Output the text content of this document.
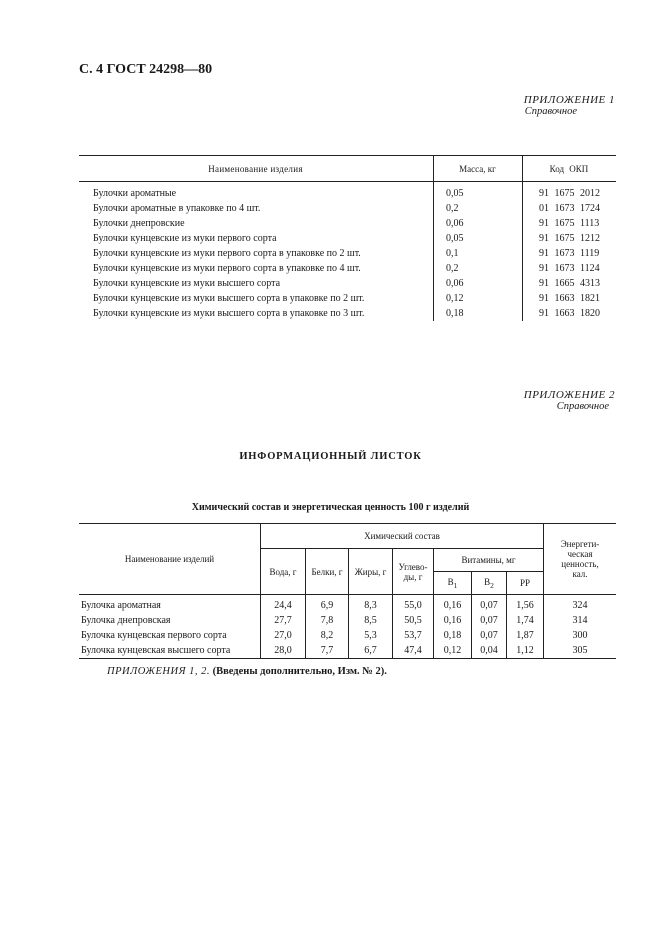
С. 4 ГОСТ 24298—80
ПРИЛОЖЕНИЕ 1
Справочное
Наименование изделия	Масса, кг	Код ОКП
Булочки ароматные	0,05	91 1675 2012
Булочки ароматные в упаковке по 4 шт.	0,2	01 1673 1724
Булочки днепровские	0,06	91 1675 1113
Булочки кунцевские из муки первого сорта	0,05	91 1675 1212
Булочки кунцевские из муки первого сорта в упаковке по 2 шт.	0,1	91 1673 1119
Булочки кунцевские из муки первого сорта в упаковке по 4 шт.	0,2	91 1673 1124
Булочки кунцевские из муки высшего сорта	0,06	91 1665 4313
Булочки кунцевские из муки высшего сорта в упаковке по 2 шт.	0,12	91 1663 1821
Булочки кунцевские из муки высшего сорта в упаковке по 3 шт.	0,18	91 1663 1820
ПРИЛОЖЕНИЕ 2
Справочное
ИНФОРМАЦИОННЫЙ ЛИСТОК
Химический состав и энергетическая ценность 100 г изделий
Наименование изделий	Химический состав							Энергети-
ческая
ценность,
кал.
	Вода, г	Белки, г	Жиры, г	Углево-
ды, г	Витамины, мг			
					$B_1$	$B_2$	PP	
Булочка ароматная	24,4	6,9	8,3	55,0	0,16	0,07	1,56	324
Булочка днепровская	27,7	7,8	8,5	50,5	0,16	0,07	1,74	314
Булочка кунцевская первого сорта	27,0	8,2	5,3	53,7	0,18	0,07	1,87	300
Булочка кунцевская высшего сорта	28,0	7,7	6,7	47,4	0,12	0,04	1,12	305
ПРИЛОЖЕНИЯ 1, 2. (Введены дополнительно, Изм. № 2).
